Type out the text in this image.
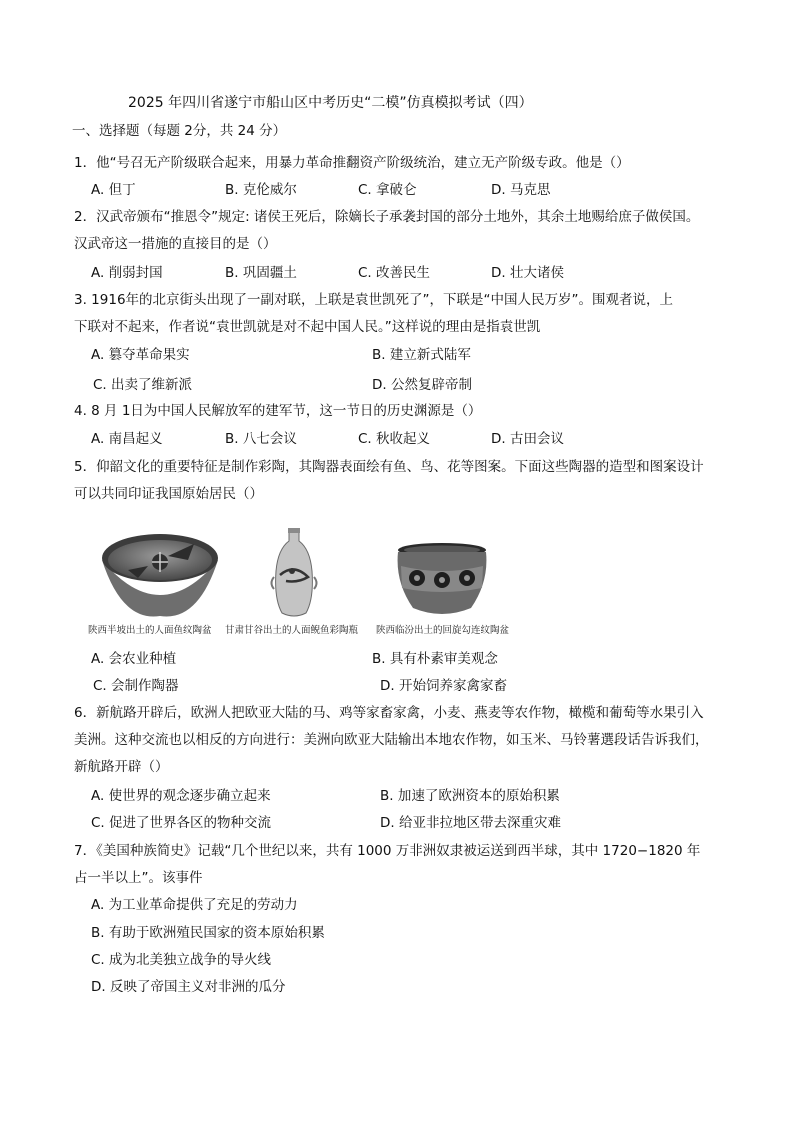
2025 年四川省遂宁市船山区中考历史“二模”仿真模拟考试（四）
一、选择题（每题 2分，共 24 分）
1．他“号召无产阶级联合起来，用暴力革命推翻资产阶级统治，建立无产阶级专政。他是（）
A. 但丁	B. 克伦威尔	C. 拿破仑	D. 马克思
2．汉武帝颁布“推恩令”规定: 诸侯王死后，除嫡长子承袭封国的部分土地外，其余土地赐给庶子做侯国。
汉武帝这一措施的直接目的是（）
A. 削弱封国	B. 巩固疆土	C. 改善民生	D. 壮大诸侯
3. 1916年的北京街头出现了一副对联，上联是袁世凯死了”，下联是“中国人民万岁”。围观者说，上
下联对不起来，作者说“袁世凯就是对不起中国人民。”这样说的理由是指袁世凯
A. 篡夺革命果实	B. 建立新式陆军
C. 出卖了维新派	D. 公然复辟帝制
4. 8 月 1日为中国人民解放军的建军节，这一节日的历史渊源是（）
A. 南昌起义	B. 八七会议	C. 秋收起义	D. 古田会议
5．仰韶文化的重要特征是制作彩陶，其陶器表面绘有鱼、鸟、花等图案。下面这些陶器的造型和图案设计
可以共同印证我国原始居民（）
陕西半坡出土的人面鱼纹陶盆 甘肃甘谷出土的人面鲵鱼彩陶瓶 陕西临汾出土的回旋勾连纹陶盆
A. 会农业种植	B. 具有朴素审美观念
C. 会制作陶器	D. 开始饲养家禽家畜
6．新航路开辟后，欧洲人把欧亚大陆的马、鸡等家畜家禽，小麦、燕麦等农作物，橄榄和葡萄等水果引入
美洲。这种交流也以相反的方向进行：美洲向欧亚大陆输出本地农作物，如玉米、马铃薯選段话告诉我们，
新航路开辟（）
A. 使世界的观念逐步确立起来	B. 加速了欧洲资本的原始积累
C. 促进了世界各区的物种交流	D. 给亚非拉地区带去深重灾难
7．《美国种族简史》记载“几个世纪以来，共有 1000 万非洲奴隶被运送到西半球，其中 1720−1820 年
占一半以上”。该事件
A. 为工业革命提供了充足的劳动力
B. 有助于欧洲殖民国家的资本原始积累
C. 成为北美独立战争的导火线
D. 反映了帝国主义对非洲的瓜分
